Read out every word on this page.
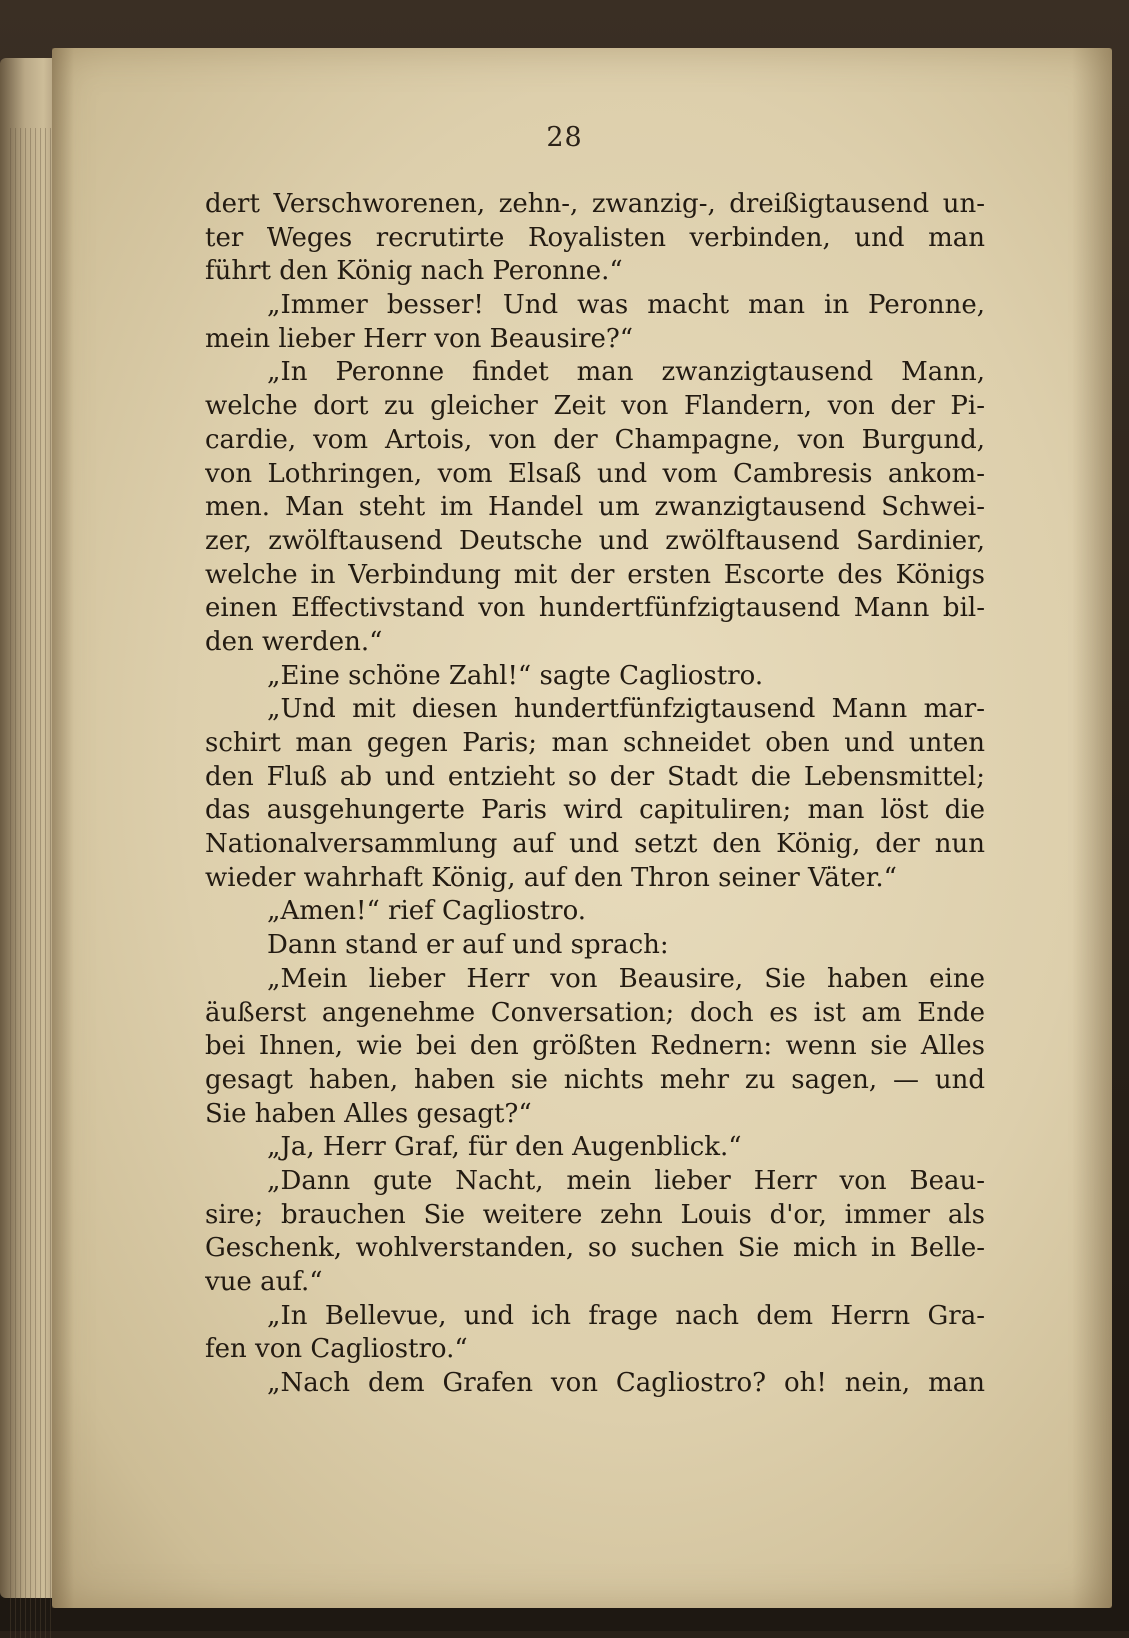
28
dert Verschworenen, zehn-, zwanzig-, dreißigtausend un-
ter Weges recrutirte Royalisten verbinden, und man
führt den König nach Peronne.“
„Immer besser! Und was macht man in Peronne,
mein lieber Herr von Beausire?“
„In Peronne findet man zwanzigtausend Mann,
welche dort zu gleicher Zeit von Flandern, von der Pi-
cardie, vom Artois, von der Champagne, von Burgund,
von Lothringen, vom Elsaß und vom Cambresis ankom-
men. Man steht im Handel um zwanzigtausend Schwei-
zer, zwölftausend Deutsche und zwölftausend Sardinier,
welche in Verbindung mit der ersten Escorte des Königs
einen Effectivstand von hundertfünfzigtausend Mann bil-
den werden.“
„Eine schöne Zahl!“ sagte Cagliostro.
„Und mit diesen hundertfünfzigtausend Mann mar-
schirt man gegen Paris; man schneidet oben und unten
den Fluß ab und entzieht so der Stadt die Lebensmittel;
das ausgehungerte Paris wird capituliren; man löst die
Nationalversammlung auf und setzt den König, der nun
wieder wahrhaft König, auf den Thron seiner Väter.“
„Amen!“ rief Cagliostro.
Dann stand er auf und sprach:
„Mein lieber Herr von Beausire, Sie haben eine
äußerst angenehme Conversation; doch es ist am Ende
bei Ihnen, wie bei den größten Rednern: wenn sie Alles
gesagt haben, haben sie nichts mehr zu sagen, — und
Sie haben Alles gesagt?“
„Ja, Herr Graf, für den Augenblick.“
„Dann gute Nacht, mein lieber Herr von Beau-
sire; brauchen Sie weitere zehn Louis d'or, immer als
Geschenk, wohlverstanden, so suchen Sie mich in Belle-
vue auf.“
„In Bellevue, und ich frage nach dem Herrn Gra-
fen von Cagliostro.“
„Nach dem Grafen von Cagliostro? oh! nein, man
